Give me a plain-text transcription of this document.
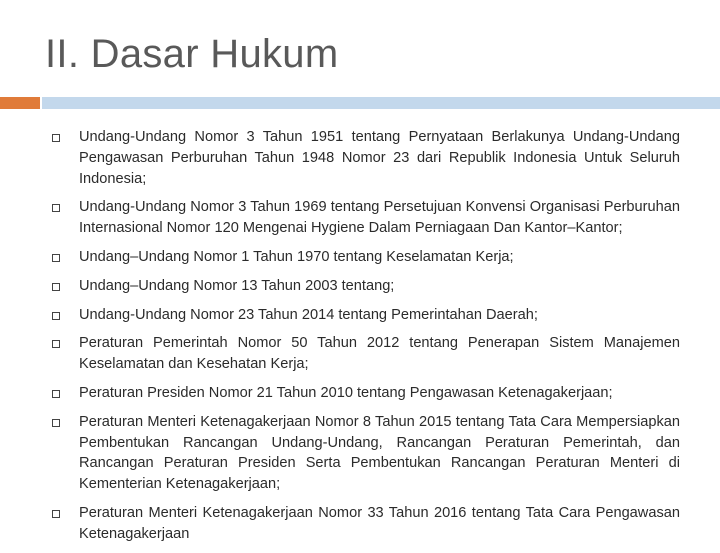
II. Dasar Hukum
Undang-Undang Nomor 3 Tahun 1951 tentang Pernyataan Berlakunya Undang-Undang Pengawasan Perburuhan Tahun 1948 Nomor 23 dari Republik Indonesia Untuk Seluruh Indonesia;
Undang-Undang Nomor 3 Tahun 1969 tentang Persetujuan Konvensi Organisasi Perburuhan Internasional Nomor 120 Mengenai Hygiene Dalam Perniagaan Dan Kantor–Kantor;
Undang–Undang Nomor 1 Tahun 1970 tentang Keselamatan Kerja;
Undang–Undang Nomor 13 Tahun 2003 tentang;
Undang-Undang Nomor 23 Tahun 2014 tentang Pemerintahan Daerah;
Peraturan Pemerintah Nomor 50 Tahun 2012 tentang Penerapan Sistem Manajemen Keselamatan dan Kesehatan Kerja;
Peraturan Presiden Nomor 21 Tahun 2010 tentang Pengawasan Ketenagakerjaan;
Peraturan Menteri Ketenagakerjaan Nomor 8 Tahun 2015 tentang Tata Cara Mempersiapkan Pembentukan Rancangan Undang-Undang, Rancangan Peraturan Pemerintah, dan Rancangan Peraturan Presiden Serta Pembentukan Rancangan Peraturan Menteri di Kementerian Ketenagakerjaan;
Peraturan Menteri Ketenagakerjaan Nomor 33 Tahun 2016 tentang Tata Cara Pengawasan Ketenagakerjaan
